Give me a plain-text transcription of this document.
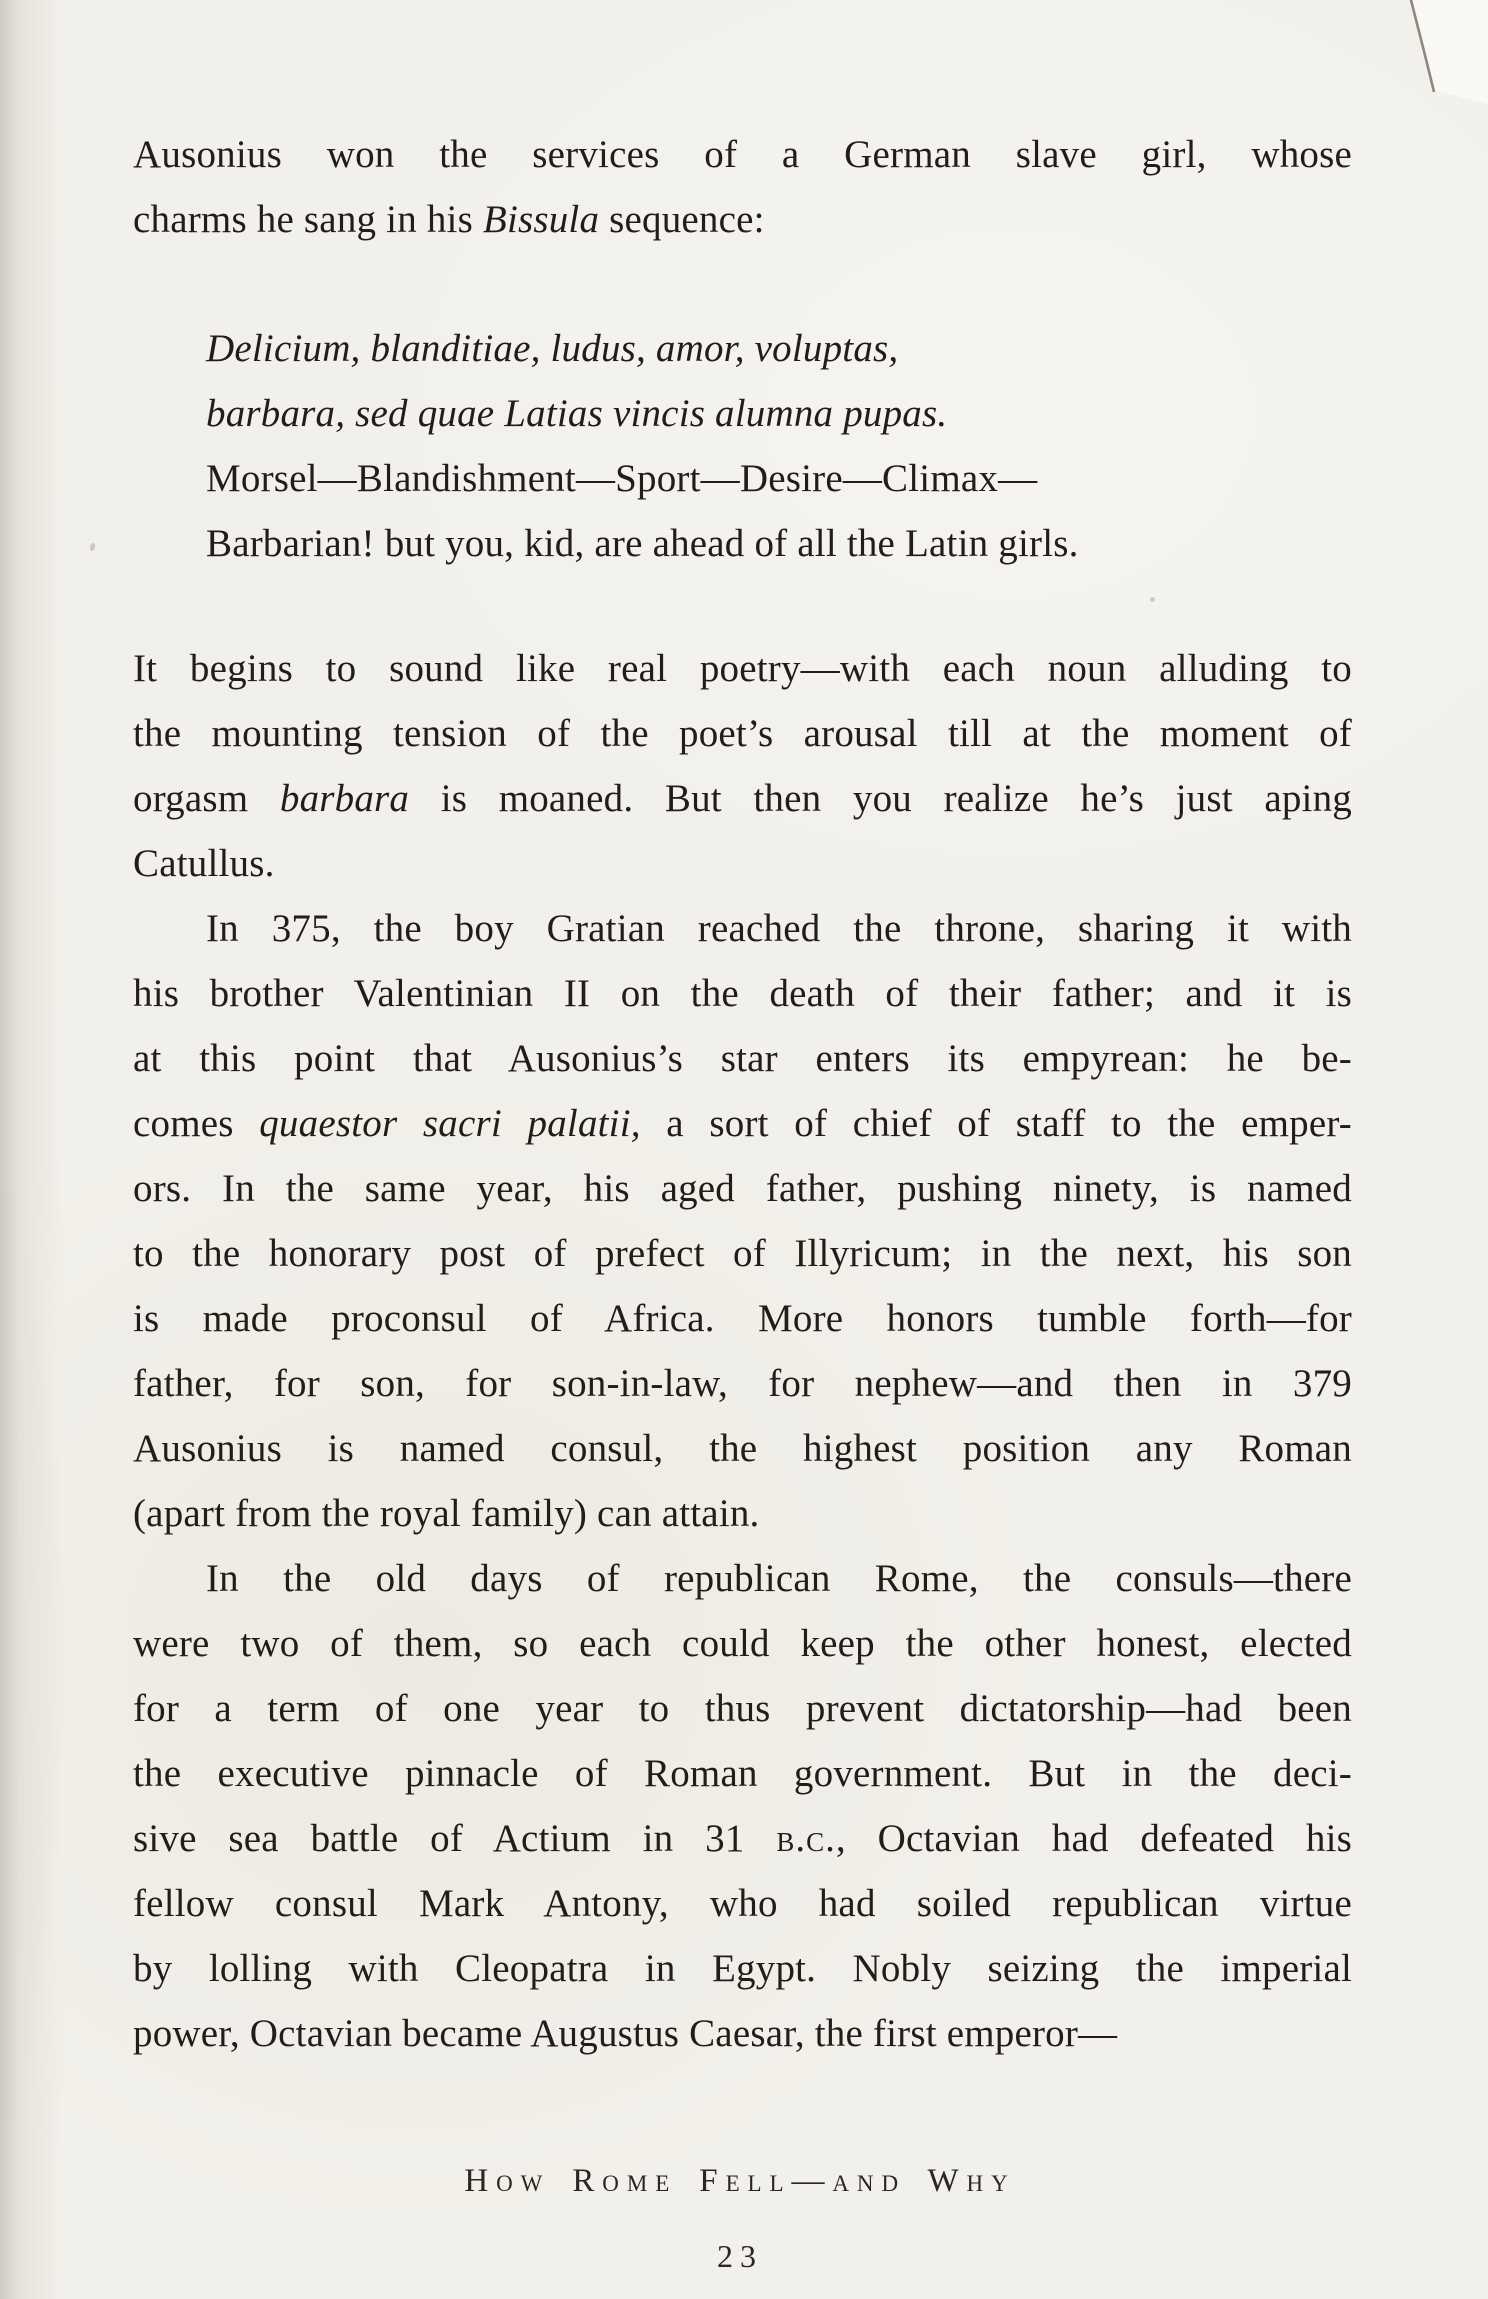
Ausonius won the services of a German slave girl, whose
charms he sang in his Bissula sequence:
Delicium, blanditiae, ludus, amor, voluptas,
barbara, sed quae Latias vincis alumna pupas.
Morsel—Blandishment—Sport—Desire—Climax—
Barbarian! but you, kid, are ahead of all the Latin girls.
It begins to sound like real poetry—with each noun alluding to
the mounting tension of the poet’s arousal till at the moment of
orgasm barbara is moaned. But then you realize he’s just aping
Catullus.
In 375, the boy Gratian reached the throne, sharing it with
his brother Valentinian II on the death of their father; and it is
at this point that Ausonius’s star enters its empyrean: he be-
comes quaestor sacri palatii, a sort of chief of staff to the emper-
ors. In the same year, his aged father, pushing ninety, is named
to the honorary post of prefect of Illyricum; in the next, his son
is made proconsul of Africa. More honors tumble forth—for
father, for son, for son-in-law, for nephew—and then in 379
Ausonius is named consul, the highest position any Roman
(apart from the royal family) can attain.
In the old days of republican Rome, the consuls—there
were two of them, so each could keep the other honest, elected
for a term of one year to thus prevent dictatorship—had been
the executive pinnacle of Roman government. But in the deci-
sive sea battle of Actium in 31 b.c., Octavian had defeated his
fellow consul Mark Antony, who had soiled republican virtue
by lolling with Cleopatra in Egypt. Nobly seizing the imperial
power, Octavian became Augustus Caesar, the first emperor—
How Rome Fell—and Why
23
